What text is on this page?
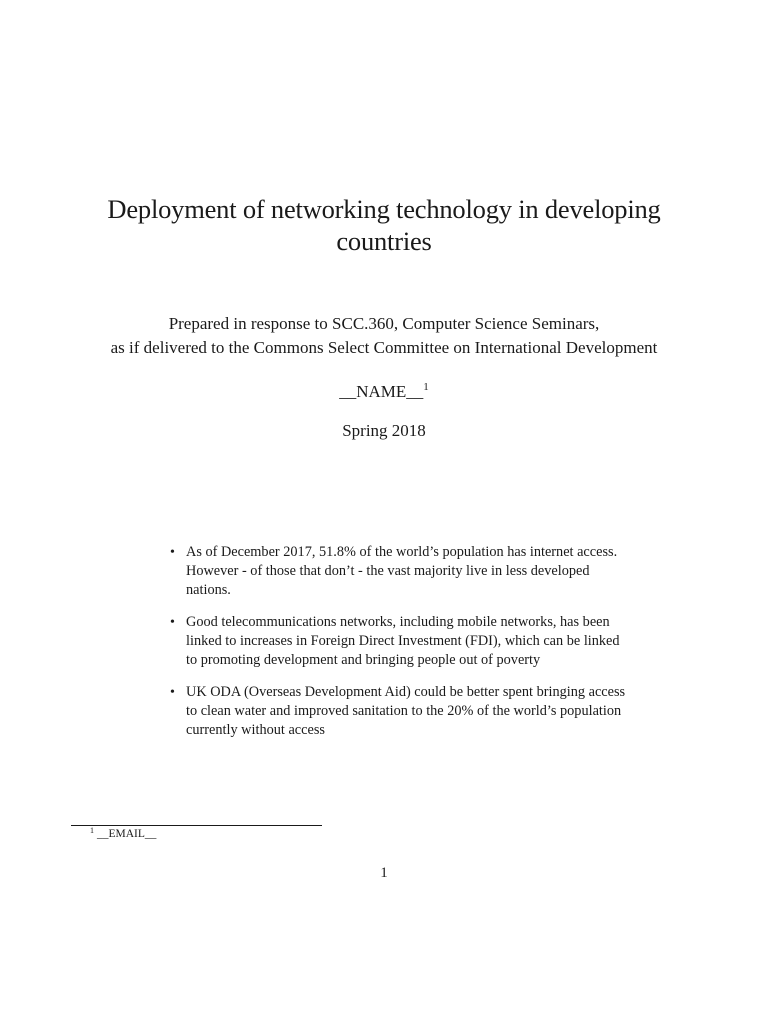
Deployment of networking technology in developing countries
Prepared in response to SCC.360, Computer Science Seminars,
as if delivered to the Commons Select Committee on International Development
__NAME__$^1$
Spring 2018
• As of December 2017, 51.8% of the world’s population has internet access. However - of those that don’t - the vast majority live in less developed nations.
• Good telecommunications networks, including mobile networks, has been linked to increases in Foreign Direct Investment (FDI), which can be linked to promoting development and bringing people out of poverty
• UK ODA (Overseas Development Aid) could be better spent bringing access to clean water and improved sanitation to the 20% of the world’s population currently without access
$^1$ __EMAIL__
1
